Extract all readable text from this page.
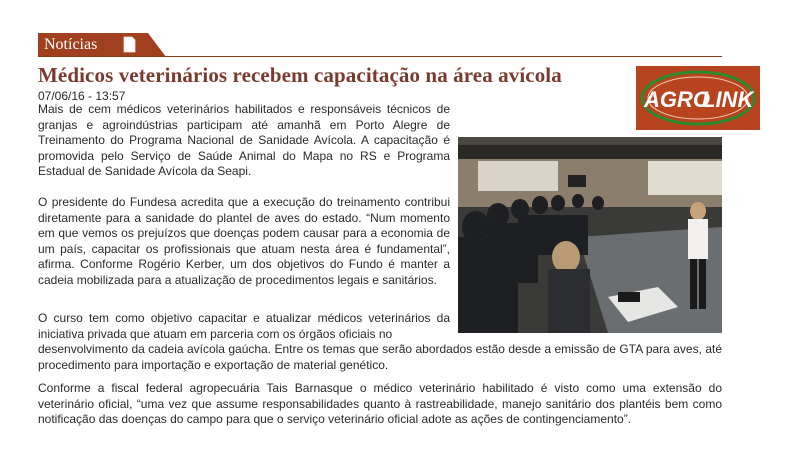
Notícias
Médicos veterinários recebem capacitação na área avícola
07/06/16 - 13:57	AGRO
LINK

Mais de cem médicos veterinários habilitados e responsáveis técnicos de granjas e agroindústrias participam até amanhã em Porto Alegre de Treinamento do Programa Nacional de Sanidade Avícola. A capacitação é promovida pelo Serviço de Saúde Animal do Mapa no RS e Programa Estadual de Sanidade Avícola da Seapi.

O presidente do Fundesa acredita que a execução do treinamento contribui diretamente para a sanidade do plantel de aves do estado. “Num momento em que vemos os prejuízos que doenças podem causar para a economia de um país, capacitar os profissionais que atuam nesta área é fundamental”, afirma. Conforme Rogério Kerber, um dos objetivos do Fundo é manter a cadeia mobilizada para a atualização de procedimentos legais e sanitários.

O curso tem como objetivo capacitar e atualizar médicos veterinários da iniciativa privada que atuam em parceria com os órgãos oficiais no
desenvolvimento da cadeia avícola gaúcha. Entre os temas que serão abordados estão desde a emissão de GTA para aves, até procedimento para importação e exportação de material genético.

Conforme a fiscal federal agropecuária Tais Barnasque o médico veterinário habilitado é visto como uma extensão do veterinário oficial, “uma vez que assume responsabilidades quanto à rastreabilidade, manejo sanitário dos plantéis bem como notificação das doenças do campo para que o serviço veterinário oficial adote as ações de contingenciamento”.
